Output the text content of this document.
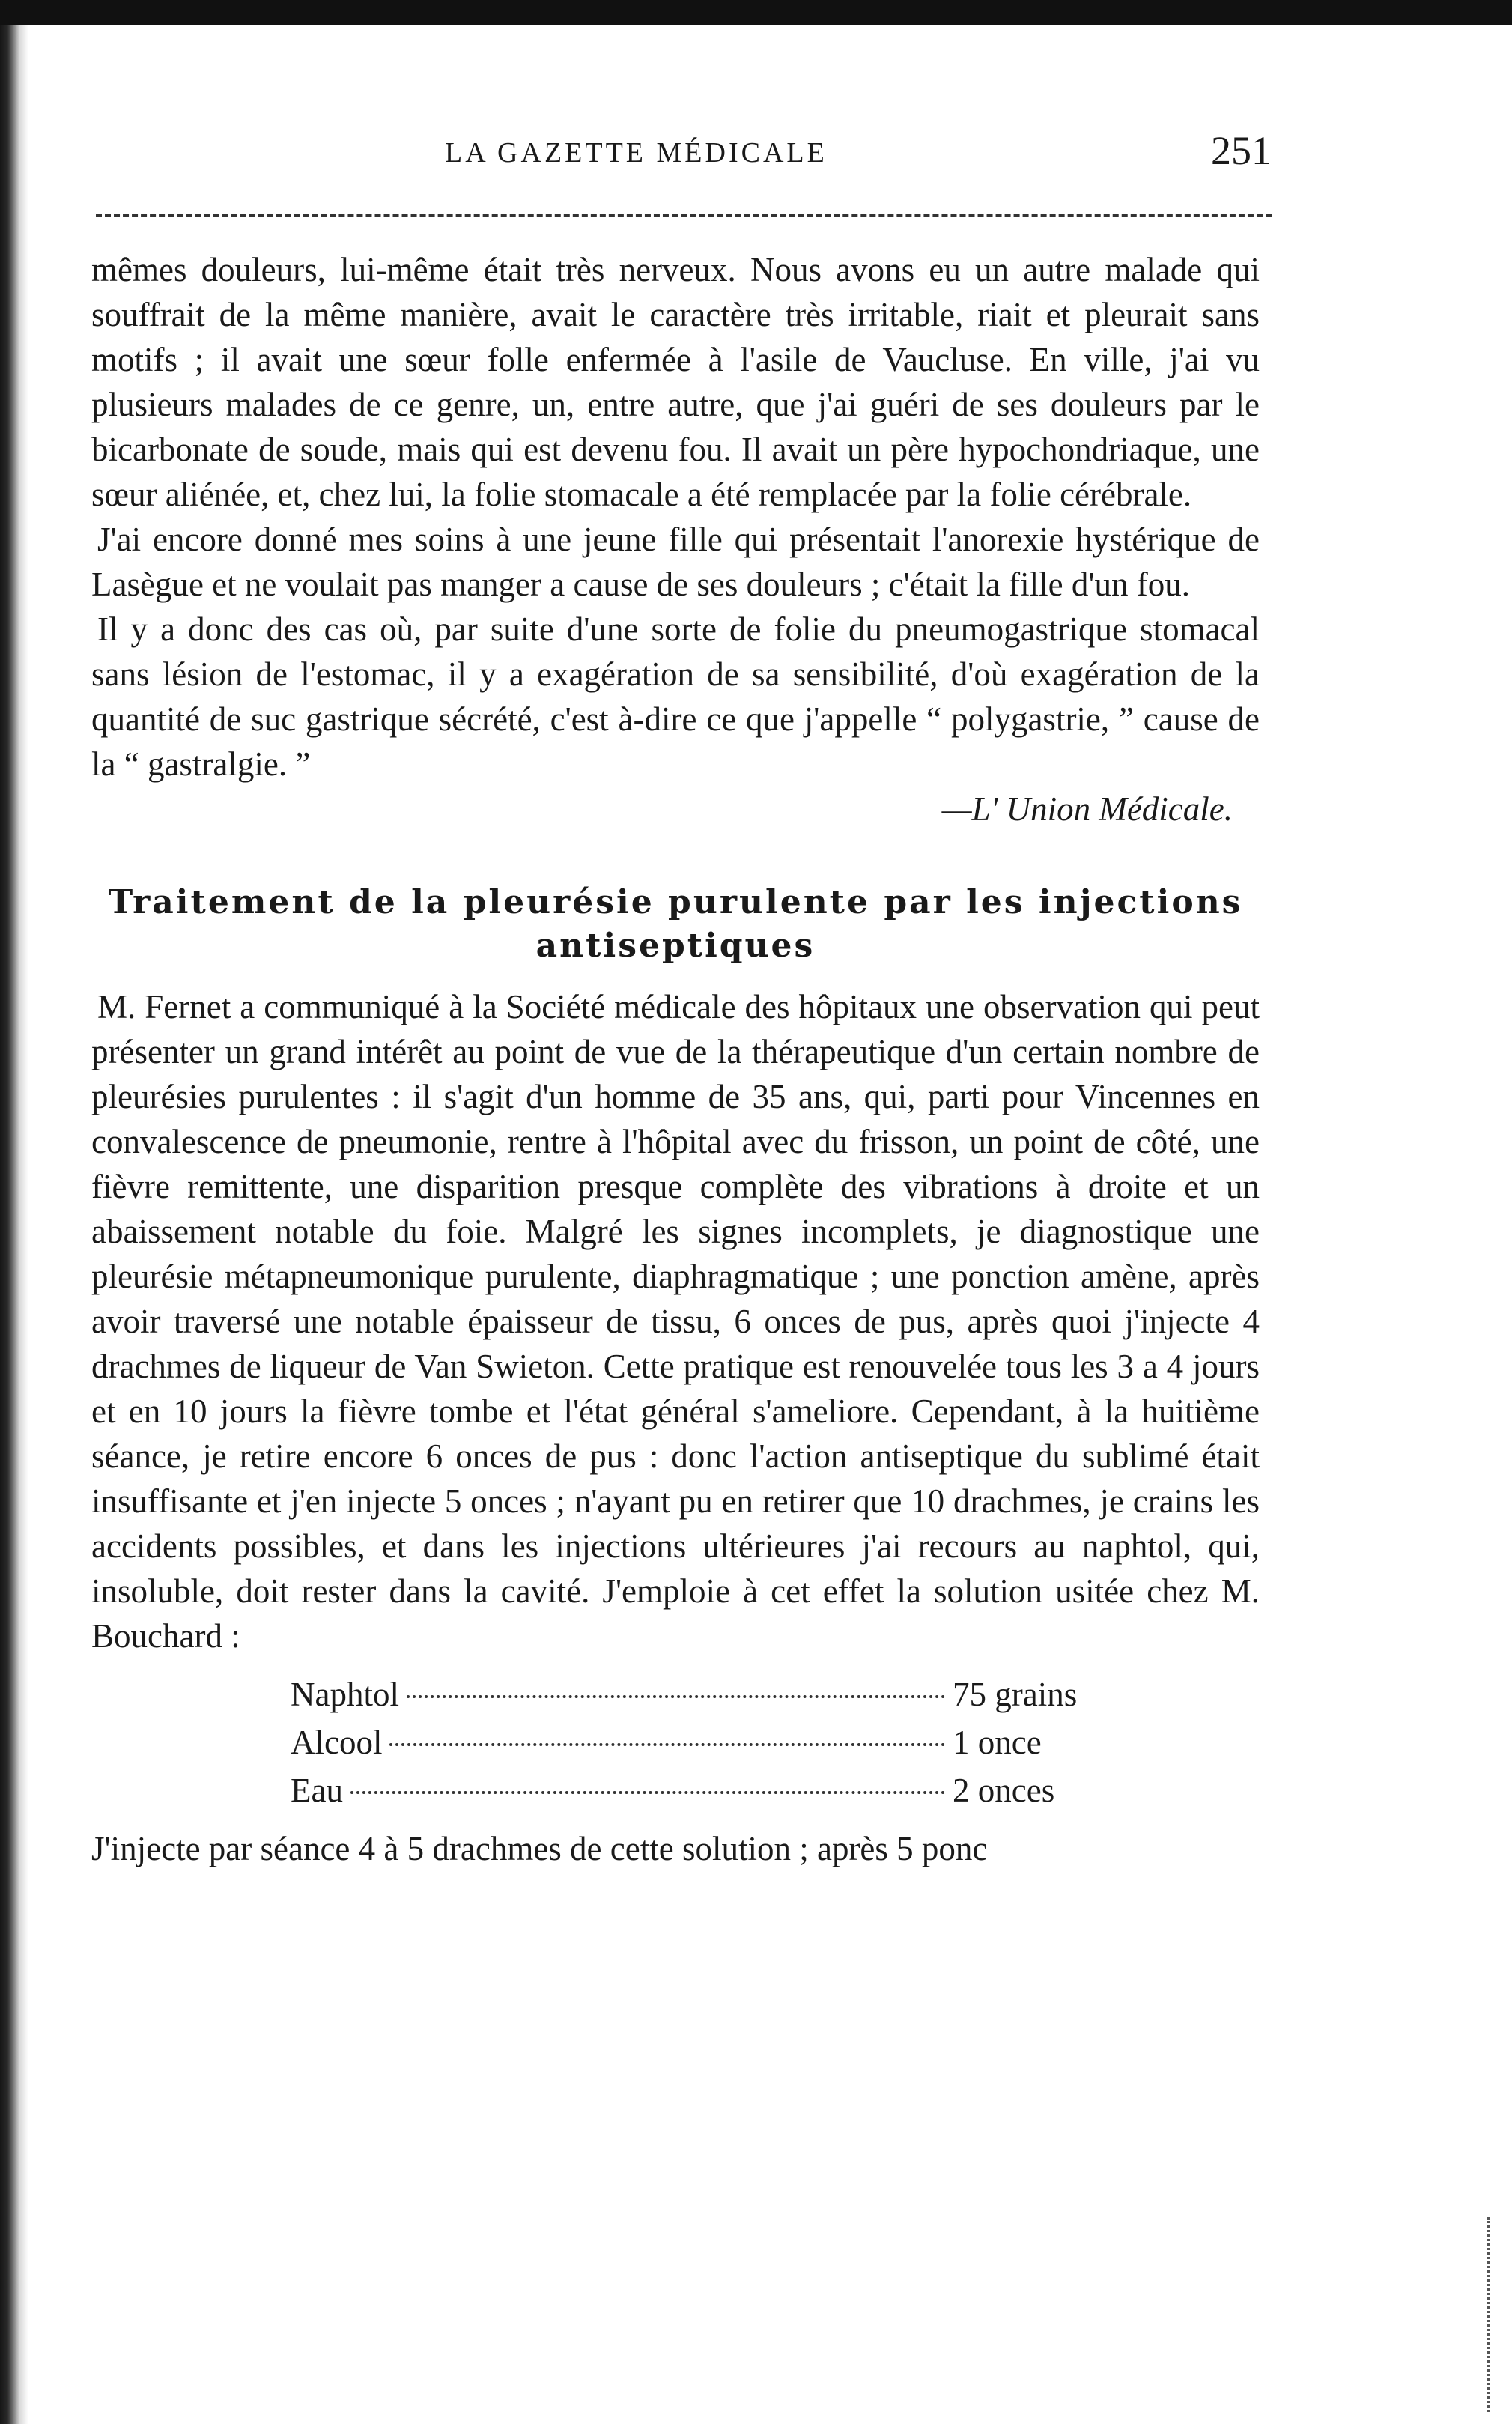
LA GAZETTE MÉDICALE	251

mêmes douleurs, lui-même était très nerveux. Nous avons eu un autre malade qui souffrait de la même manière, avait le caractère très irritable, riait et pleurait sans motifs ; il avait une sœur folle enfermée à l'asile de Vaucluse. En ville, j'ai vu plusieurs malades de ce genre, un, entre autre, que j'ai guéri de ses douleurs par le bicarbonate de soude, mais qui est devenu fou. Il avait un père hypochondriaque, une sœur aliénée, et, chez lui, la folie stomacale a été remplacée par la folie cérébrale.

J'ai encore donné mes soins à une jeune fille qui présentait l'anorexie hystérique de Lasègue et ne voulait pas manger a cause de ses douleurs ; c'était la fille d'un fou.

Il y a donc des cas où, par suite d'une sorte de folie du pneumogastrique stomacal sans lésion de l'estomac, il y a exagération de sa sensibilité, d'où exagération de la quantité de suc gastrique sécrété, c'est à-dire ce que j'appelle “ polygastrie, ” cause de la “ gastralgie. ”

—L' Union Médicale.

Traitement de la pleurésie purulente par les injections antiseptiques

M. Fernet a communiqué à la Société médicale des hôpitaux une observation qui peut présenter un grand intérêt au point de vue de la thérapeutique d'un certain nombre de pleurésies purulentes : il s'agit d'un homme de 35 ans, qui, parti pour Vincennes en convalescence de pneumonie, rentre à l'hôpital avec du frisson, un point de côté, une fièvre remittente, une disparition presque complète des vibrations à droite et un abaissement notable du foie. Malgré les signes incomplets, je diagnostique une pleurésie métapneumonique purulente, diaphragmatique ; une ponction amène, après avoir traversé une notable épaisseur de tissu, 6 onces de pus, après quoi j'injecte 4 drachmes de liqueur de Van Swieton. Cette pratique est renouvelée tous les 3 a 4 jours et en 10 jours la fièvre tombe et l'état général s'ameliore. Cependant, à la huitième séance, je retire encore 6 onces de pus : donc l'action antiseptique du sublimé était insuffisante et j'en injecte 5 onces ; n'ayant pu en retirer que 10 drachmes, je crains les accidents possibles, et dans les injections ultérieures j'ai recours au naphtol, qui, insoluble, doit rester dans la cavité. J'emploie à cet effet la solution usitée chez M. Bouchard :

Naphtol	75 grains
Alcool	1 once
Eau	2 onces

J'injecte par séance 4 à 5 drachmes de cette solution ; après 5 ponc
